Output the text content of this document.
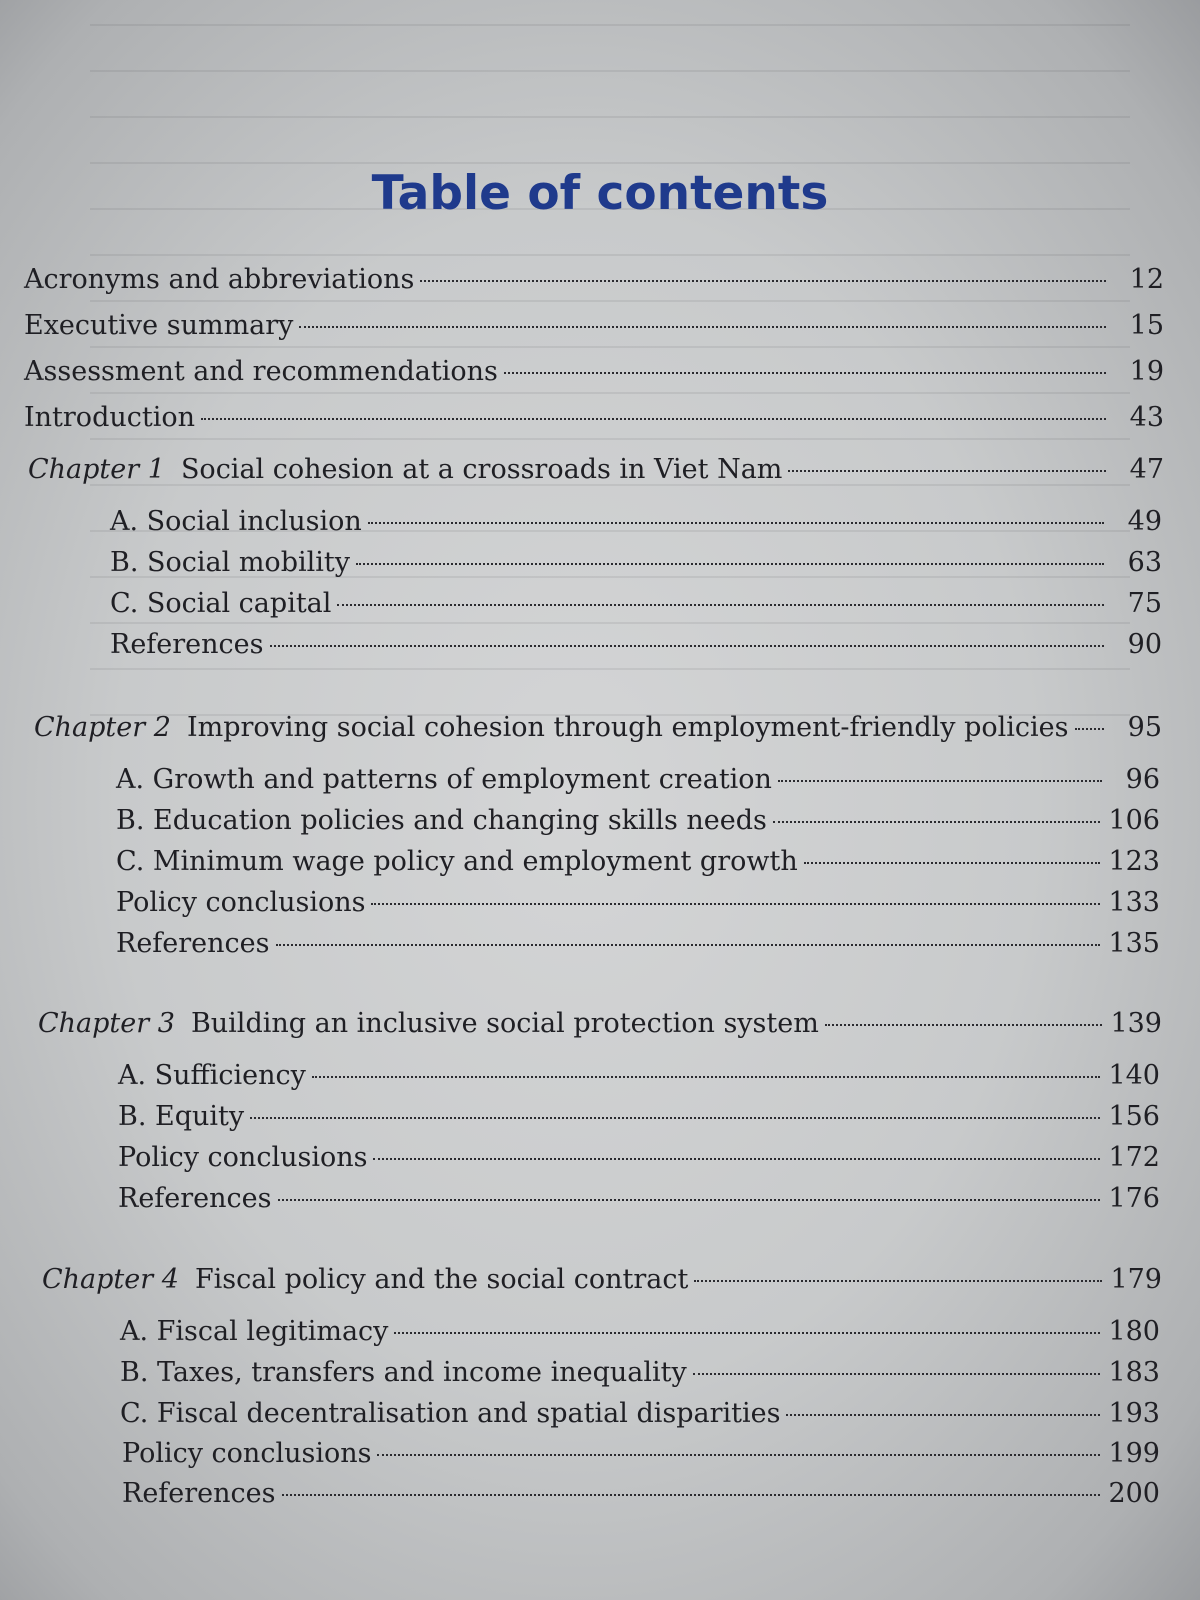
Table of contents
Acronyms and abbreviations	12
Executive summary	15
Assessment and recommendations	19
Introduction	43
Chapter 1 Social cohesion at a crossroads in Viet Nam	47
A. Social inclusion	49
B. Social mobility	63
C. Social capital	75
References	90
Chapter 2 Improving social cohesion through employment-friendly policies	95
A. Growth and patterns of employment creation	96
B. Education policies and changing skills needs	106
C. Minimum wage policy and employment growth	123
Policy conclusions	133
References	135
Chapter 3 Building an inclusive social protection system	139
A. Sufficiency	140
B. Equity	156
Policy conclusions	172
References	176
Chapter 4 Fiscal policy and the social contract	179
A. Fiscal legitimacy	180
B. Taxes, transfers and income inequality	183
C. Fiscal decentralisation and spatial disparities	193
Policy conclusions	199
References	200
